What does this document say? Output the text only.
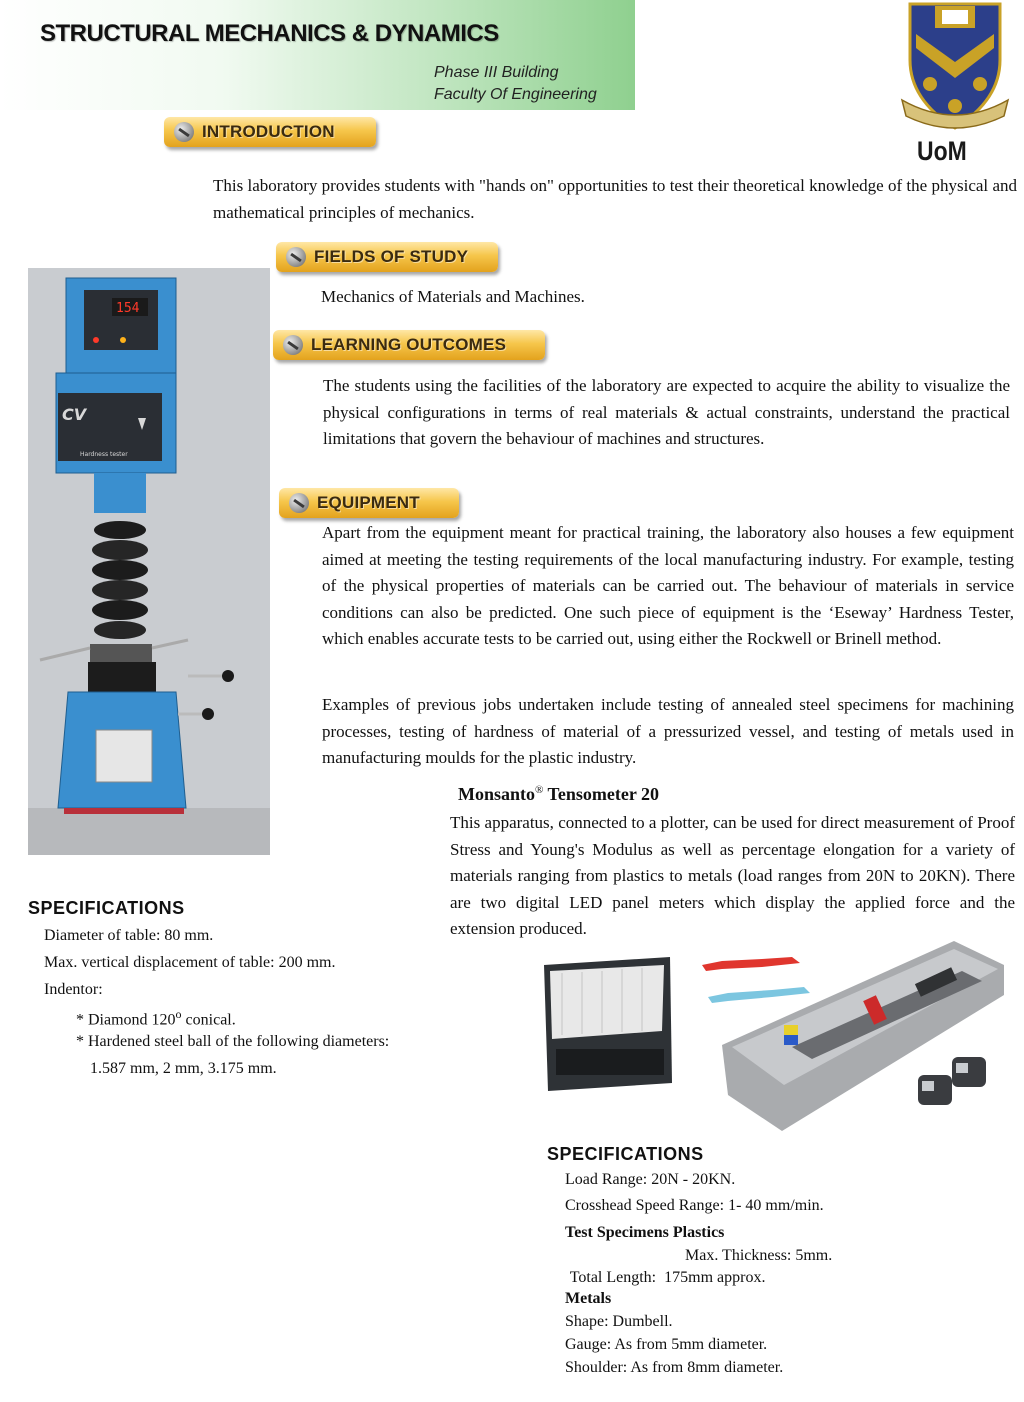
STRUCTURAL MECHANICS & DYNAMICS
Phase III Building
Faculty Of Engineering
UoM
INTRODUCTION
This laboratory provides students with "hands on" opportunities to test their theoretical knowledge of the physical and mathematical principles of mechanics.
FIELDS OF STUDY
Mechanics of Materials and Machines.
LEARNING OUTCOMES
The students using the facilities of the laboratory are expected to acquire the ability to visualize the physical configurations in terms of real materials & actual constraints, understand the practical limitations that govern the behaviour of machines and structures.
EQUIPMENT
Apart from the equipment meant for practical training, the laboratory also houses a few equipment aimed at meeting the testing requirements of the local manufacturing industry. For example, testing of the physical properties of materials can be carried out. The behaviour of materials in service conditions can also be predicted. One such piece of equipment is the ‘Eseway’ Hardness Tester, which enables accurate tests to be carried out, using either the Rockwell or Brinell method.
Examples of previous jobs undertaken include testing of annealed steel specimens for machining processes, testing of hardness of material of a pressurized vessel, and testing of metals used in manufacturing moulds for the plastic industry.
154
CV
Hardness tester
SPECIFICATIONS
Diameter of table: 80 mm.
Max. vertical displacement of table: 200 mm.
Indentor:
* Diamond 120$^o$ conical.
* Hardened steel ball of the following diameters:
1.587 mm, 2 mm, 3.175 mm.
Monsanto® Tensometer 20
This apparatus, connected to a plotter, can be used for direct measurement of Proof Stress and Young's Modulus as well as percentage elongation for a variety of materials ranging from plastics to metals (load ranges from 20N to 20KN). There are two digital LED panel meters which display the applied force and the extension produced.
SPECIFICATIONS
Load Range: 20N - 20KN.
Crosshead Speed Range: 1- 40 mm/min.
Test Specimens Plastics
Max. Thickness: 5mm.
Total Length:  175mm approx.
Metals
Shape: Dumbell.
Gauge: As from 5mm diameter.
Shoulder: As from 8mm diameter.
